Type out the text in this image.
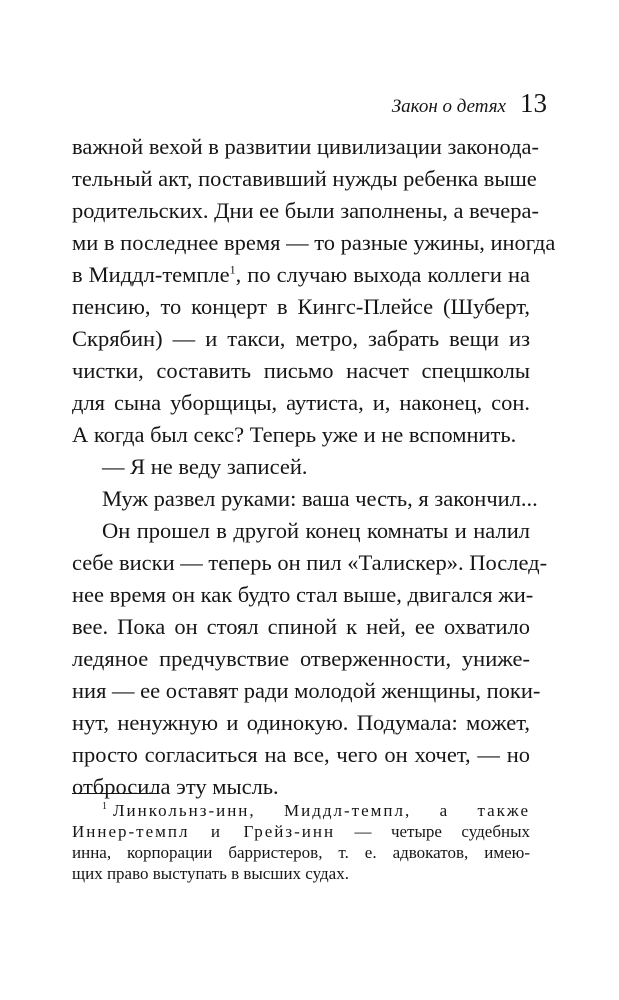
Закон о детях 13
важной вехой в развитии цивилизации законода-
тельный акт, поставивший нужды ребенка выше
родительских. Дни ее были заполнены, а вечера-
ми в последнее время — то разные ужины, иногда
в Миддл-темпле$^1$, по случаю выхода коллеги на
пенсию, то концерт в Кингс-Плейсе (Шуберт,
Скрябин) — и такси, метро, забрать вещи из
чистки, составить письмо насчет спецшколы
для сына уборщицы, аутиста, и, наконец, сон.
А когда был секс? Теперь уже и не вспомнить.
— Я не веду записей.
Муж развел руками: ваша честь, я закончил...
Он прошел в другой конец комнаты и налил
себе виски — теперь он пил «Талискер». Послед-
нее время он как будто стал выше, двигался жи-
вее. Пока он стоял спиной к ней, ее охватило
ледяное предчувствие отверженности, униже-
ния — ее оставят ради молодой женщины, поки-
нут, ненужную и одинокую. Подумала: может,
просто согласиться на все, чего он хочет, — но
отбросила эту мысль.
$^1$ Линкольнз-инн, Миддл-темпл, а также
Иннер-темпл и Грейз-инн — четыре судебных
инна, корпорации барристеров, т. е. адвокатов, имею-
щих право выступать в высших судах.
